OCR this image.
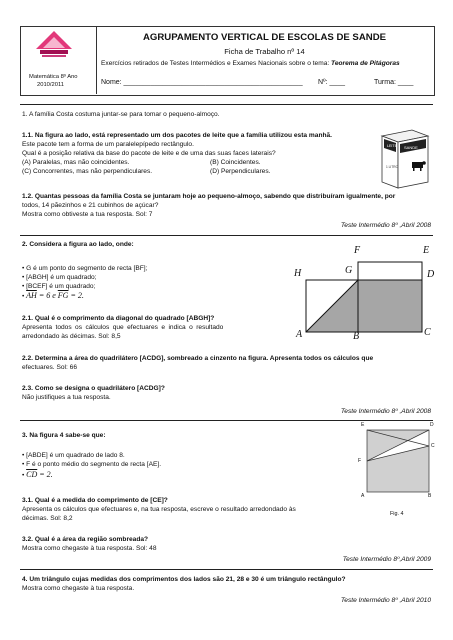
Matemática 8º Ano
2010/2011
AGRUPAMENTO VERTICAL DE ESCOLAS DE SANDE
Ficha de Trabalho nº 14
Exercícios retirados de Testes Intermédios e Exames Nacionais sobre o tema: Teorema de Pitágoras
Nome: ______________________________________________ Nº: ____	Turma: ____
1. A família Costa costuma juntar-se para tomar o pequeno-almoço.
1.1. Na figura ao lado, está representado um dos pacotes de leite que a família utilizou esta manhã.
Este pacote tem a forma de um paralelepípedo rectângulo.
Qual é a posição relativa da base do pacote de leite e de uma das suas faces laterais?
(A) Paralelas, mas não coincidentes.	(B) Coincidentes.
(C) Concorrentes, mas não perpendiculares.	(D) Perpendiculares.
LEITE SANDE
1 LITRO
1.2. Quantas pessoas da família Costa se juntaram hoje ao pequeno-almoço, sabendo que distribuíram igualmente, por
todos, 14 pãezinhos e 21 cubinhos de açúcar?
Mostra como obtiveste a tua resposta. Sol: 7
Teste Intermédio 8º ,Abril 2008
2. Considera a figura ao lado, onde:
• G é um ponto do segmento de recta [BF];
• [ABGH] é um quadrado;
• [BCEF] é um quadrado;
• $\overline{AH} = 6$ e $\overline{FG} = 2$.
F	E
H	G	D
A	B	C
2.1. Qual é o comprimento da diagonal do quadrado [ABGH]?
Apresenta todos os cálculos que efectuares e indica o resultado
arredondado às décimas. Sol: 8,5
2.2. Determina a área do quadrilátero [ACDG], sombreado a cinzento na figura. Apresenta todos os cálculos que
efectuares. Sol: 66
2.3. Como se designa o quadrilátero [ACDG]?
Não justifiques a tua resposta.
Teste Intermédio 8º ,Abril 2008
3. Na figura 4 sabe-se que:
• [ABDE] é um quadrado de lado 8.
• F é o ponto médio do segmento de recta [AE].
• $\overline{CD} = 2$.
E	D
C
F
A	B
Fig. 4
3.1. Qual é a medida do comprimento de [CE]?
Apresenta os cálculos que efectuares e, na tua resposta, escreve o resultado arredondado às
décimas. Sol: 8,2
3.2. Qual é a área da região sombreada?
Mostra como chegaste à tua resposta. Sol: 48
Teste Intermédio 8º,Abril 2009
4. Um triângulo cujas medidas dos comprimentos dos lados são 21, 28 e 30 é um triângulo rectângulo?
Mostra como chegaste à tua resposta.
Teste Intermédio 8º ,Abril 2010
